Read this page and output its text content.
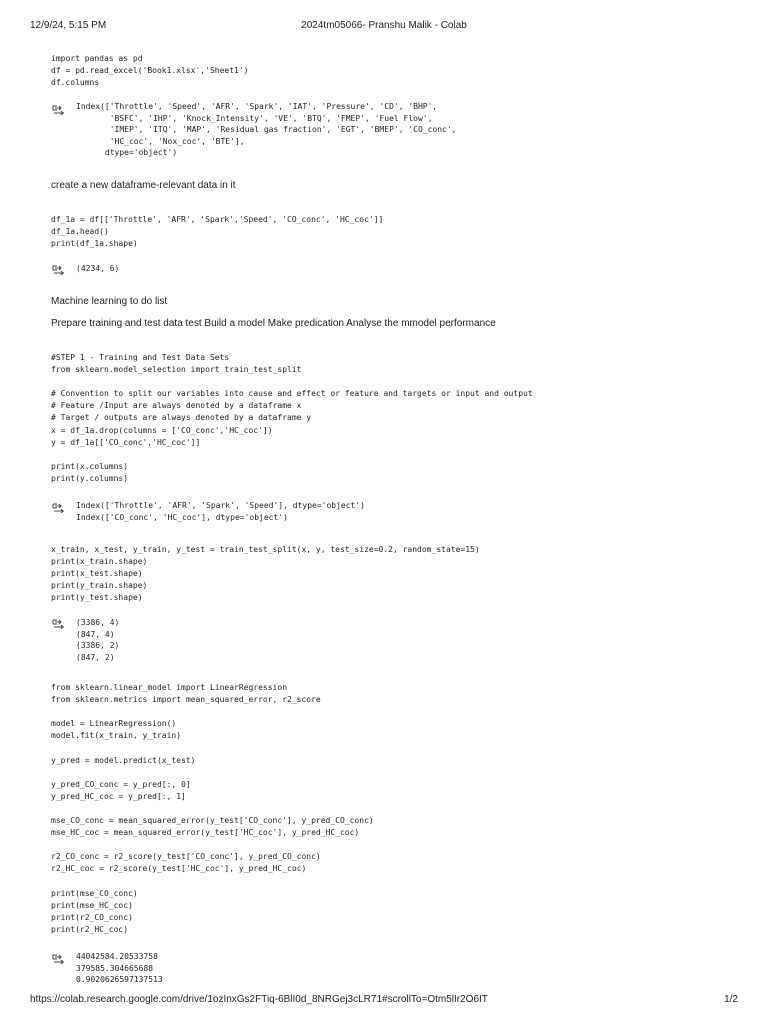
12/9/24, 5:15 PM	2024tm05066- Pranshu Malik - Colab
import pandas as pd
df = pd.read_excel('Book1.xlsx','Sheet1')
df.columns
Index(['Throttle', 'Speed', 'AFR', 'Spark', 'IAT', 'Pressure', 'CD', 'BHP',
'BSFC', 'IHP', 'Knock_Intensity', 'VE', 'BTQ', 'FMEP', 'Fuel Flow',
'IMEP', 'ITQ', 'MAP', 'Residual gas fraction', 'EGT', 'BMEP', 'CO_conc',
'HC_coc', 'Nox_coc', 'BTE'],
dtype='object')
create a new dataframe-relevant data in it
df_1a = df[['Throttle', 'AFR', 'Spark','Speed', 'CO_conc', 'HC_coc']]
df_1a.head()
print(df_1a.shape)
(4234, 6)
Machine learning to do list
Prepare training and test data test Build a model Make predication Analyse the mmodel performance
#STEP 1 - Training and Test Data Sets
from sklearn.model_selection import train_test_split

# Convention to split our variables into cause and effect or feature and targets or input and output
# Feature /Input are always denoted by a dataframe x
# Target / outputs are always denoted by a dataframe y
x = df_1a.drop(columns = ['CO_conc','HC_coc'])
y = df_1a[['CO_conc','HC_coc']]

print(x.columns)
print(y.columns)
Index(['Throttle', 'AFR', 'Spark', 'Speed'], dtype='object')
Index(['CO_conc', 'HC_coc'], dtype='object')
x_train, x_test, y_train, y_test = train_test_split(x, y, test_size=0.2, random_state=15)
print(x_train.shape)
print(x_test.shape)
print(y_train.shape)
print(y_test.shape)
(3386, 4)
(847, 4)
(3386, 2)
(847, 2)
from sklearn.linear_model import LinearRegression
from sklearn.metrics import mean_squared_error, r2_score

model = LinearRegression()
model.fit(x_train, y_train)

y_pred = model.predict(x_test)

y_pred_CO_conc = y_pred[:, 0]
y_pred_HC_coc = y_pred[:, 1]

mse_CO_conc = mean_squared_error(y_test['CO_conc'], y_pred_CO_conc)
mse_HC_coc = mean_squared_error(y_test['HC_coc'], y_pred_HC_coc)

r2_CO_conc = r2_score(y_test['CO_conc'], y_pred_CO_conc)
r2_HC_coc = r2_score(y_test['HC_coc'], y_pred_HC_coc)

print(mse_CO_conc)
print(mse_HC_coc)
print(r2_CO_conc)
print(r2_HC_coc)
44042584.20533758
379585.304665688
0.9020626597137513
https://colab.research.google.com/drive/1ozInxGs2FTiq-6BlI0d_8NRGej3cLR71#scrollTo=Otm5lIr2O6IT	1/2
